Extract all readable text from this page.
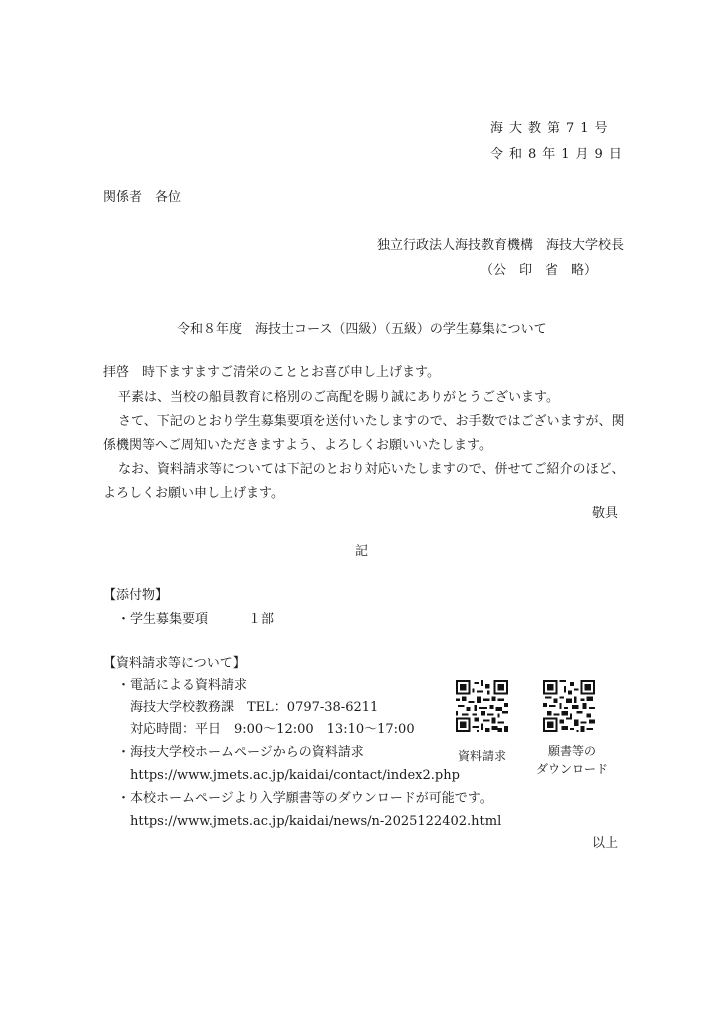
海大教第71号
令和8年1月9日
関係者　各位
独立行政法人海技教育機構　海技大学校長
（公　印　省　略）
令和８年度　海技士コース（四級）（五級）の学生募集について
拝啓　時下ますますご清栄のこととお喜び申し上げます。
平素は、当校の船員教育に格別のご高配を賜り誠にありがとうございます。
さて、下記のとおり学生募集要項を送付いたしますので、お手数ではございますが、関
係機関等へご周知いただきますよう、よろしくお願いいたします。
なお、資料請求等については下記のとおり対応いたしますので、併せてご紹介のほど、
よろしくお願い申し上げます。
敬具
記
【添付物】
・学生募集要項	１部
【資料請求等について】
・電話による資料請求
海技大学校教務課　TEL：0797-38-6211
対応時間：平日　9:00〜12:00　13:10〜17:00
・海技大学校ホームページからの資料請求
https://www.jmets.ac.jp/kaidai/contact/index2.php
・本校ホームページより入学願書等のダウンロードが可能です。
https://www.jmets.ac.jp/kaidai/news/n-2025122402.html
資料請求	願書等の
ダウンロード
以上
